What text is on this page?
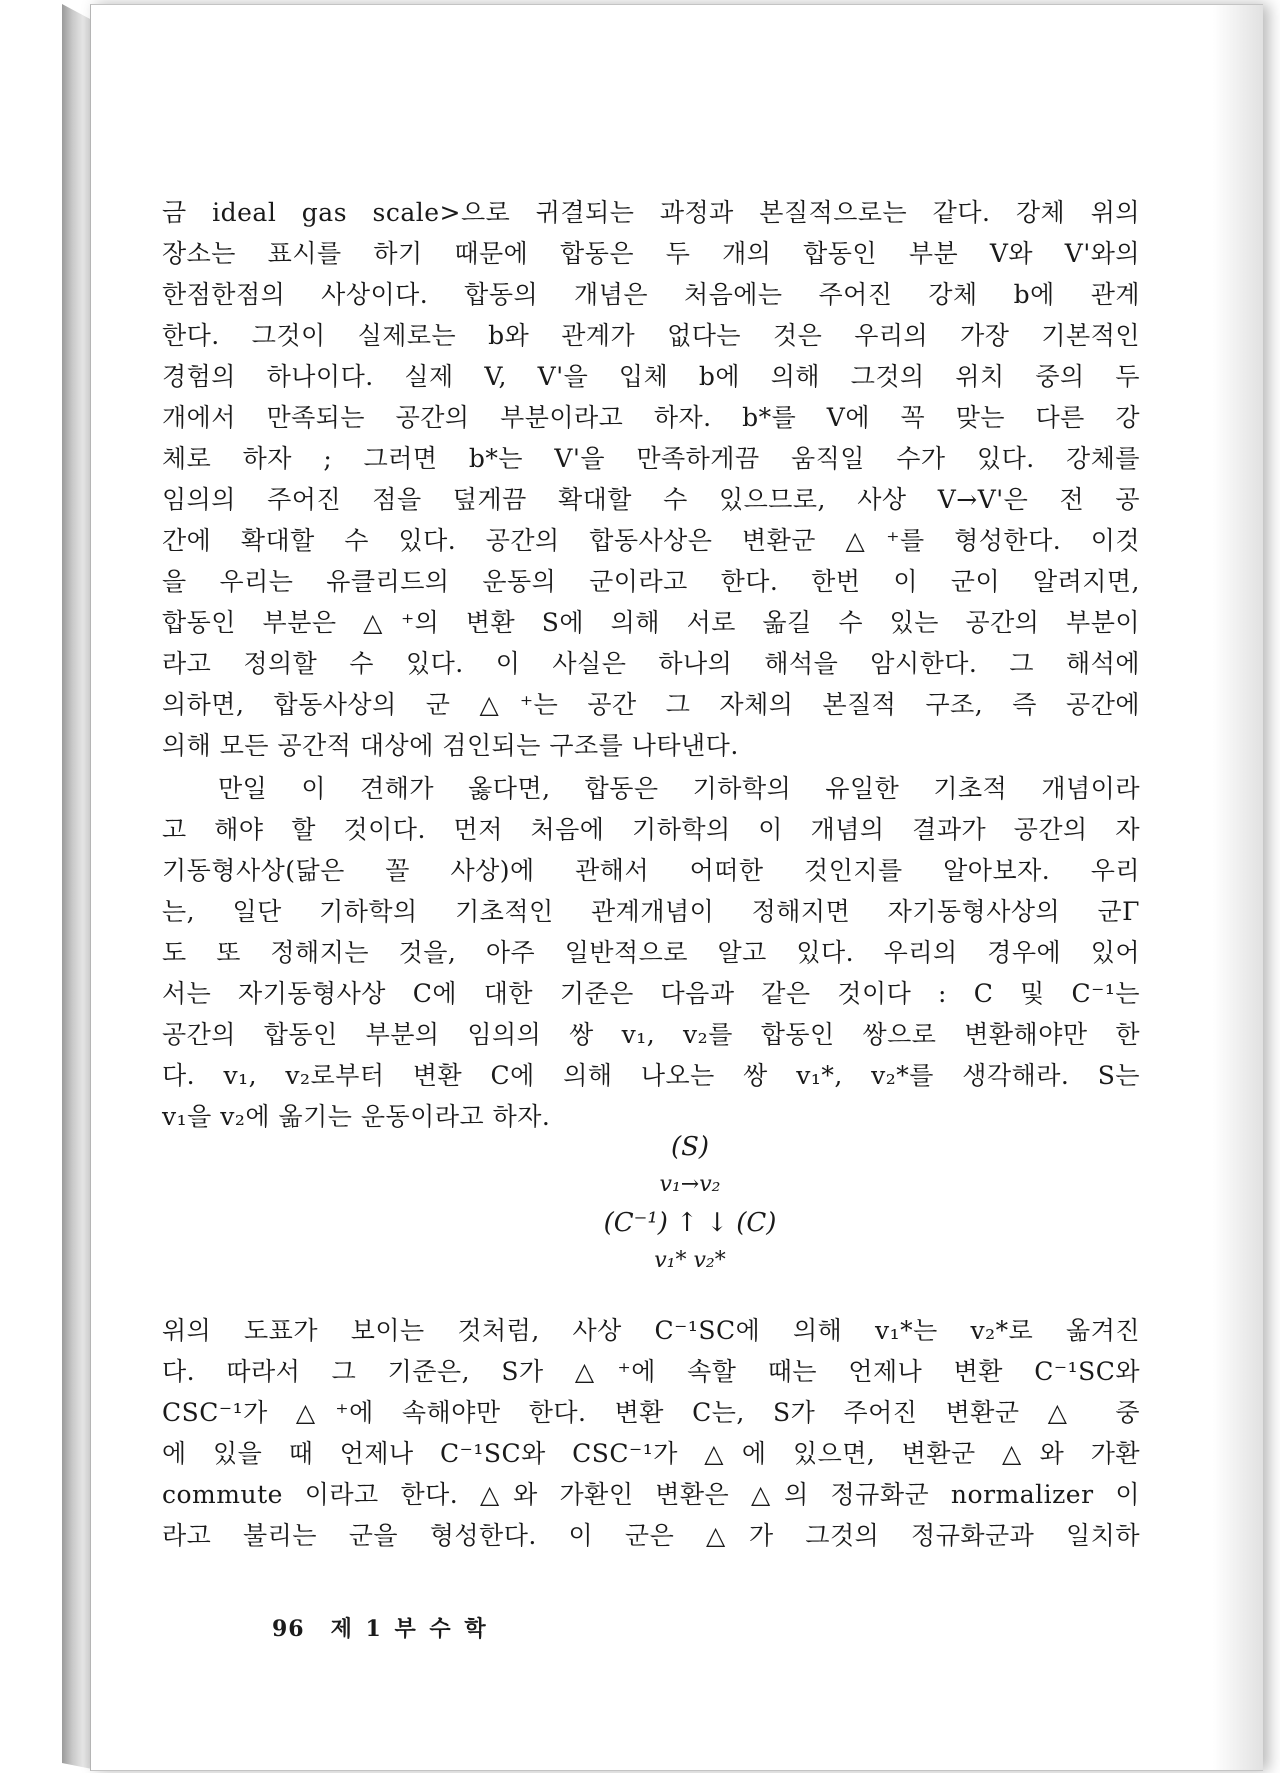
금 ideal gas scale>으로 귀결되는 과정과 본질적으로는 같다. 강체 위의
장소는 표시를 하기 때문에 합동은 두 개의 합동인 부분 V와 V'와의
한점한점의 사상이다. 합동의 개념은 처음에는 주어진 강체 b에 관계
한다. 그것이 실제로는 b와 관계가 없다는 것은 우리의 가장 기본적인
경험의 하나이다. 실제 V, V'을 입체 b에 의해 그것의 위치 중의 두
개에서 만족되는 공간의 부분이라고 하자. b*를 V에 꼭 맞는 다른 강
체로 하자 ; 그러면 b*는 V'을 만족하게끔 움직일 수가 있다. 강체를
임의의 주어진 점을 덮게끔 확대할 수 있으므로, 사상 V→V'은 전 공
간에 확대할 수 있다. 공간의 합동사상은 변환군 △⁺를 형성한다. 이것
을 우리는 유클리드의 운동의 군이라고 한다. 한번 이 군이 알려지면,
합동인 부분은 △⁺의 변환 S에 의해 서로 옮길 수 있는 공간의 부분이
라고 정의할 수 있다. 이 사실은 하나의 해석을 암시한다. 그 해석에
의하면, 합동사상의 군 △⁺는 공간 그 자체의 본질적 구조, 즉 공간에
의해 모든 공간적 대상에 검인되는 구조를 나타낸다.
만일 이 견해가 옳다면, 합동은 기하학의 유일한 기초적 개념이라
고 해야 할 것이다. 먼저 처음에 기하학의 이 개념의 결과가 공간의 자
기동형사상(닮은 꼴 사상)에 관해서 어떠한 것인지를 알아보자. 우리
는, 일단 기하학의 기초적인 관계개념이 정해지면 자기동형사상의 군Γ
도 또 정해지는 것을, 아주 일반적으로 알고 있다. 우리의 경우에 있어
서는 자기동형사상 C에 대한 기준은 다음과 같은 것이다 : C 및 C⁻¹는
공간의 합동인 부분의 임의의 쌍 v₁, v₂를 합동인 쌍으로 변환해야만 한
다. v₁, v₂로부터 변환 C에 의해 나오는 쌍 v₁*, v₂*를 생각해라. S는
v₁을 v₂에 옮기는 운동이라고 하자.
(S)
v₁→v₂
(C⁻¹) ↑ ↓ (C)
v₁* v₂*
위의 도표가 보이는 것처럼, 사상 C⁻¹SC에 의해 v₁*는 v₂*로 옮겨진
다. 따라서 그 기준은, S가 △⁺에 속할 때는 언제나 변환 C⁻¹SC와
CSC⁻¹가 △⁺에 속해야만 한다. 변환 C는, S가 주어진 변환군 △ 중
에 있을 때 언제나 C⁻¹SC와 CSC⁻¹가 △에 있으면, 변환군 △와 가환
commute 이라고 한다. △와 가환인 변환은 △의 정규화군 normalizer 이
라고 불리는 군을 형성한다. 이 군은 △가 그것의 정규화군과 일치하
96 제 1 부 수 학
